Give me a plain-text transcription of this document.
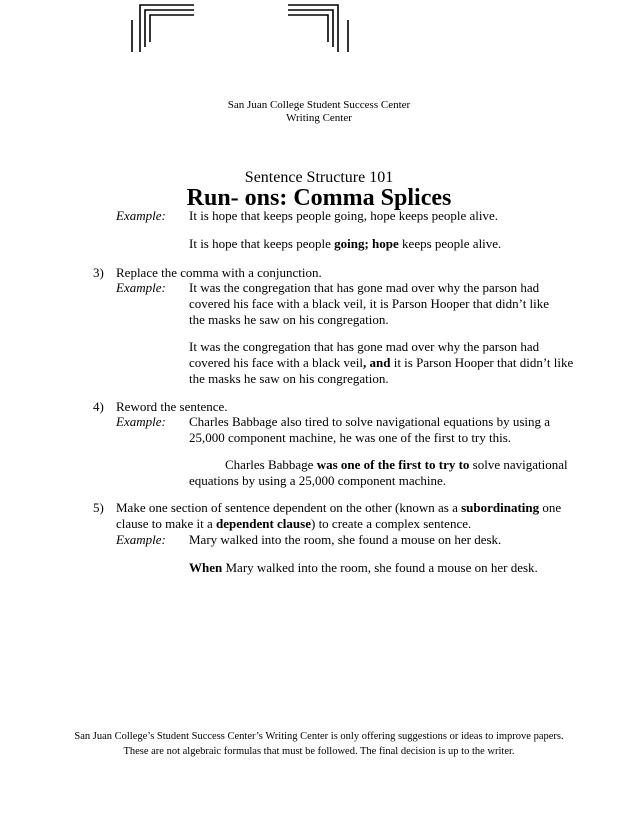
San Juan College Student Success Center
Writing Center
Sentence Structure 101
Run- ons: Comma Splices
Example: It is hope that keeps people going, hope keeps people alive.
It is hope that keeps people going; hope keeps people alive.
3) Replace the comma with a conjunction.
Example: It was the congregation that has gone mad over why the parson had
covered his face with a black veil, it is Parson Hooper that didn’t like
the masks he saw on his congregation.
It was the congregation that has gone mad over why the parson had
covered his face with a black veil, and it is Parson Hooper that didn’t like
the masks he saw on his congregation.
4) Reword the sentence.
Example: Charles Babbage also tired to solve navigational equations by using a
25,000 component machine, he was one of the first to try this.
Charles Babbage was one of the first to try to solve navigational
equations by using a 25,000 component machine.
5) Make one section of sentence dependent on the other (known as a subordinating one
clause to make it a dependent clause) to create a complex sentence.
Example: Mary walked into the room, she found a mouse on her desk.
When Mary walked into the room, she found a mouse on her desk.
San Juan College’s Student Success Center’s Writing Center is only offering suggestions or ideas to improve papers.
These are not algebraic formulas that must be followed. The final decision is up to the writer.
